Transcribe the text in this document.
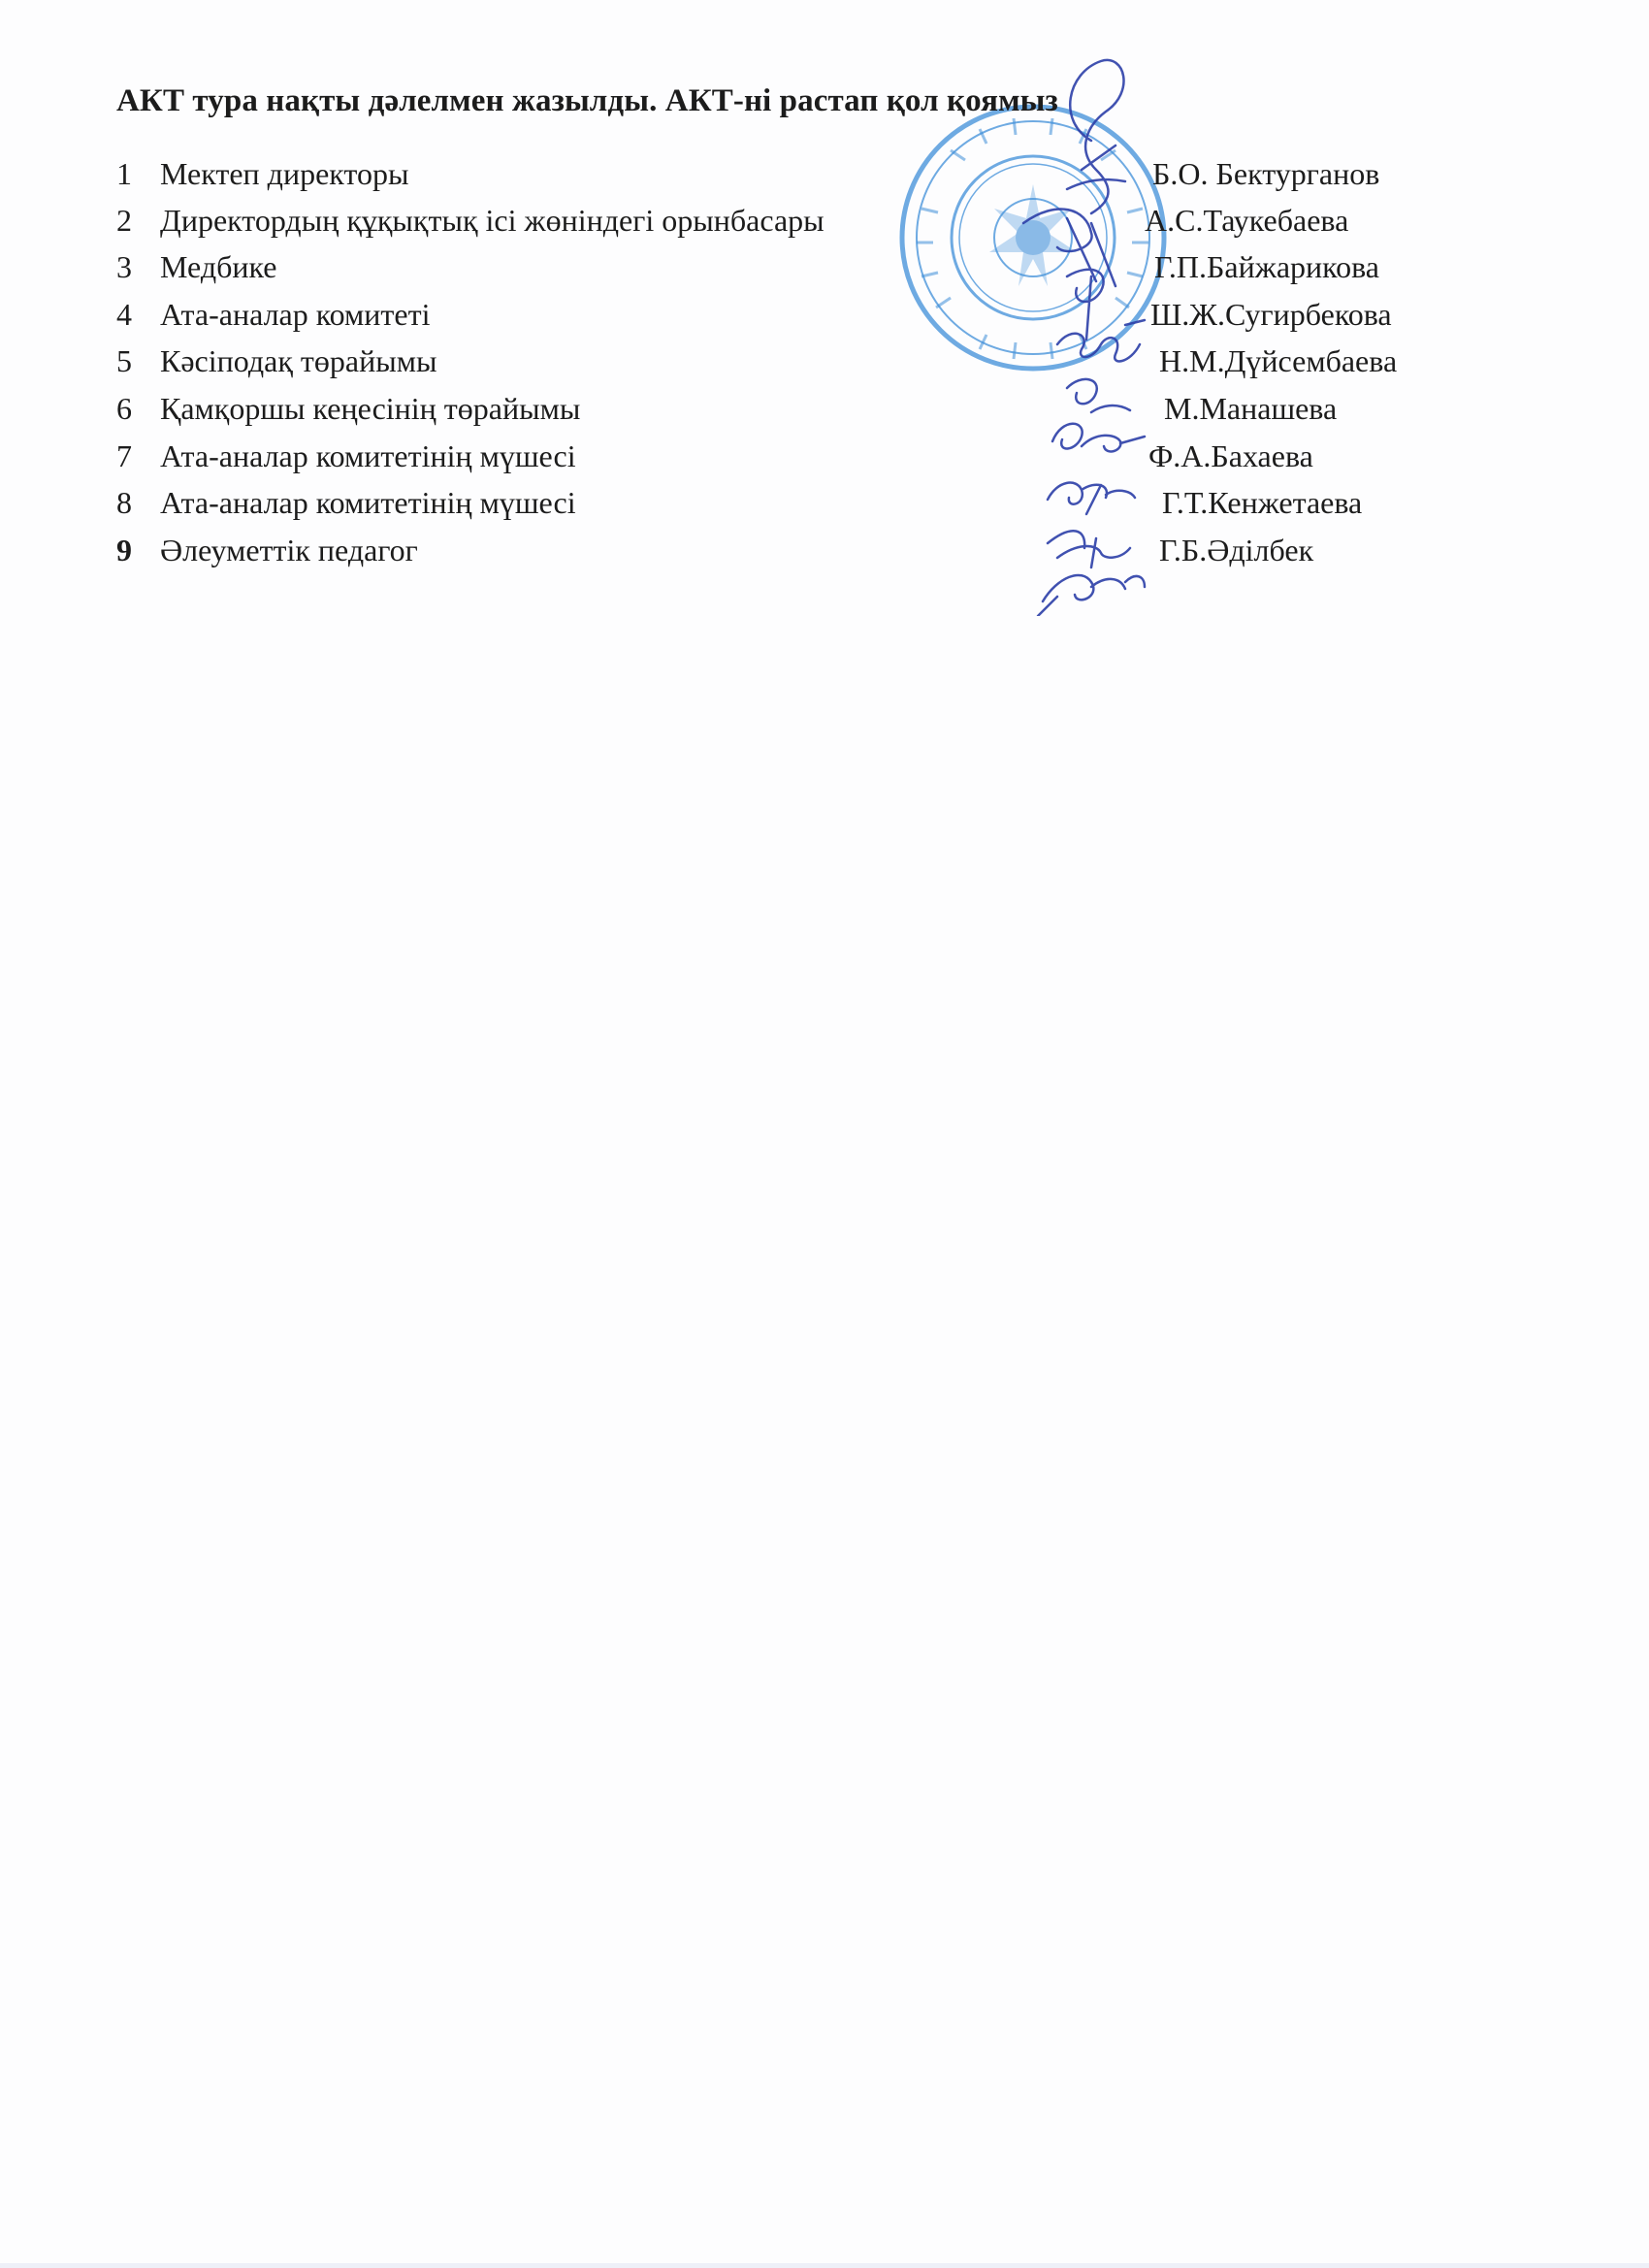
АКТ тура нақты дәлелмен жазылды. АКТ-ні растап қол қоямыз
1 Мектеп директоры	Б.О. Бектурганов
2 Директордың құқықтық ісі жөніндегі орынбасары	А.С.Таукебаева
3 Медбике	Г.П.Байжарикова
4 Ата-аналар комитеті	Ш.Ж.Сугирбекова
5 Кәсіподақ төрайымы	Н.М.Дүйсембаева
6 Қамқоршы кеңесінің төрайымы	М.Манашева
7 Ата-аналар комитетінің мүшесі	Ф.А.Бахаева
8 Ата-аналар комитетінің мүшесі	Г.Т.Кенжетаева
9 Әлеуметтік педагог	Г.Б.Әділбек
